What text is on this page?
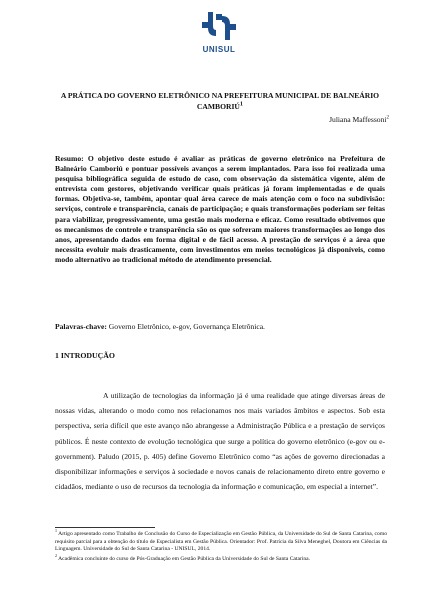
UNISUL
A PRÁTICA DO GOVERNO ELETRÔNICO NA PREFEITURA MUNICIPAL DE BALNEÁRIO CAMBORIÚ$^1$
Juliana Maffessoni$^2$
Resumo: O objetivo deste estudo é avaliar as práticas de governo eletrônico na Prefeitura de Balneário Camboriú e pontuar possíveis avanços a serem implantados. Para isso foi realizada uma pesquisa bibliográfica seguida de estudo de caso, com observação da sistemática vigente, além de entrevista com gestores, objetivando verificar quais práticas já foram implementadas e de quais formas. Objetiva-se, também, apontar qual área carece de mais atenção com o foco na subdivisão: serviços, controle e transparência, canais de participação; e quais transformações poderiam ser feitas para viabilizar, progressivamente, uma gestão mais moderna e eficaz. Como resultado obtivemos que os mecanismos de controle e transparência são os que sofreram maiores transformações ao longo dos anos, apresentando dados em forma digital e de fácil acesso. A prestação de serviços é a área que necessita evoluir mais drasticamente, com investimentos em meios tecnológicos já disponíveis, como modo alternativo ao tradicional método de atendimento presencial.
Palavras-chave: Governo Eletrônico, e-gov, Governança Eletrônica.
1 INTRODUÇÃO
A utilização de tecnologias da informação já é uma realidade que atinge diversas áreas de nossas vidas, alterando o modo como nos relacionamos nos mais variados âmbitos e aspectos. Sob esta perspectiva, seria difícil que este avanço não abrangesse a Administração Pública e a prestação de serviços públicos. É neste contexto de evolução tecnológica que surge a política do governo eletrônico (e-gov ou e-government). Paludo (2015, p. 405) define Governo Eletrônico como “as ações de governo direcionadas a disponibilizar informações e serviços à sociedade e novos canais de relacionamento direto entre governo e cidadãos, mediante o uso de recursos da tecnologia da informação e comunicação, em especial a internet”.

$^1$ Artigo apresentado como Trabalho de Conclusão do Curso de Especialização em Gestão Pública, da Universidade do Sul de Santa Catarina, como requisito parcial para a obtenção do título de Especialista em Gestão Pública. Orientador: Prof. Patrícia da Silva Meneghel, Doutora em Ciências da Linguagem. Universidade do Sul de Santa Catarina - UNISUL, 2014.

$^2$ Acadêmica concluinte do curso de Pós-Graduação em Gestão Pública da Universidade do Sul de Santa Catarina.
